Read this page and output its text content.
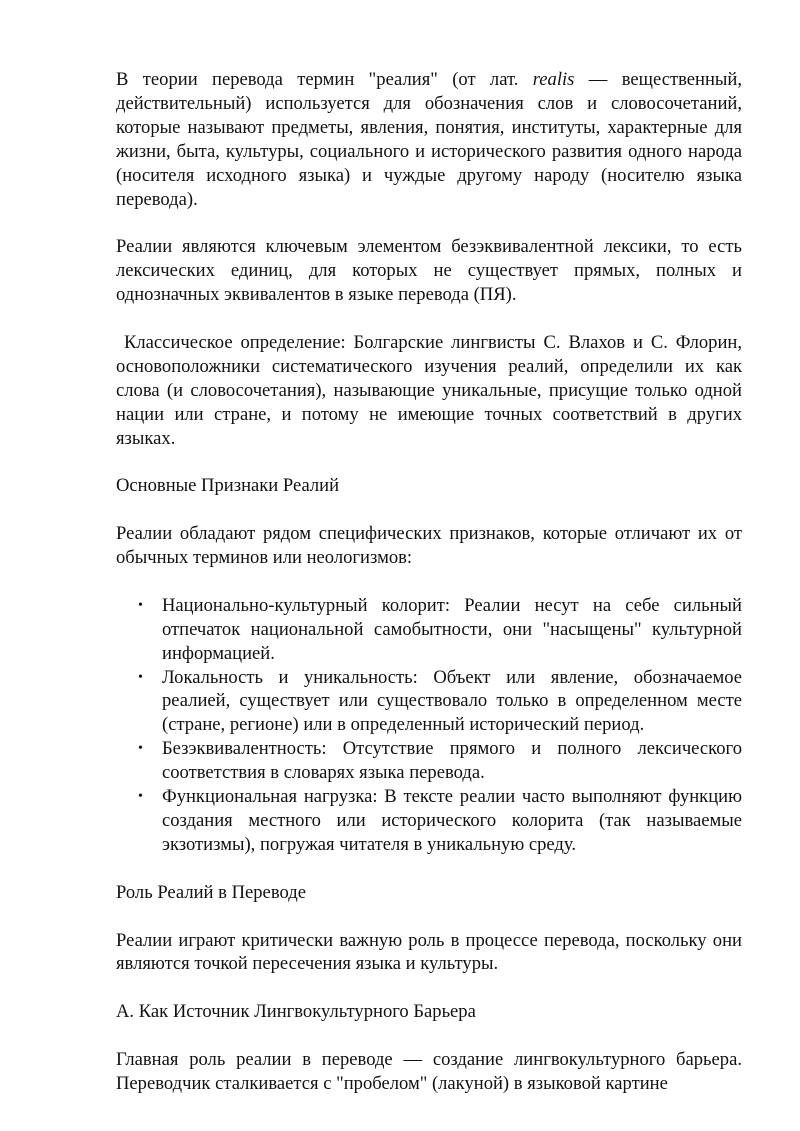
В теории перевода термин "реалия" (от лат. realis — вещественный, действительный) используется для обозначения слов и словосочетаний, которые называют предметы, явления, понятия, институты, характерные для жизни, быта, культуры, социального и исторического развития одного народа (носителя исходного языка) и чуждые другому народу (носителю языка перевода).

Реалии являются ключевым элементом безэквивалентной лексики, то есть лексических единиц, для которых не существует прямых, полных и однозначных эквивалентов в языке перевода (ПЯ).

Классическое определение: Болгарские лингвисты С. Влахов и С. Флорин, основоположники систематического изучения реалий, определили их как слова (и словосочетания), называющие уникальные, присущие только одной нации или стране, и потому не имеющие точных соответствий в других языках.

Основные Признаки Реалий

Реалии обладают рядом специфических признаков, которые отличают их от обычных терминов или неологизмов:

• Национально-культурный колорит: Реалии несут на себе сильный отпечаток национальной самобытности, они "насыщены" культурной информацией.
• Локальность и уникальность: Объект или явление, обозначаемое реалией, существует или существовало только в определенном месте (стране, регионе) или в определенный исторический период.
• Безэквивалентность: Отсутствие прямого и полного лексического соответствия в словарях языка перевода.
• Функциональная нагрузка: В тексте реалии часто выполняют функцию создания местного или исторического колорита (так называемые экзотизмы), погружая читателя в уникальную среду.

Роль Реалий в Переводе

Реалии играют критически важную роль в процессе перевода, поскольку они являются точкой пересечения языка и культуры.

А. Как Источник Лингвокультурного Барьера

Главная роль реалии в переводе — создание лингвокультурного барьера. Переводчик сталкивается с "пробелом" (лакуной) в языковой картине
